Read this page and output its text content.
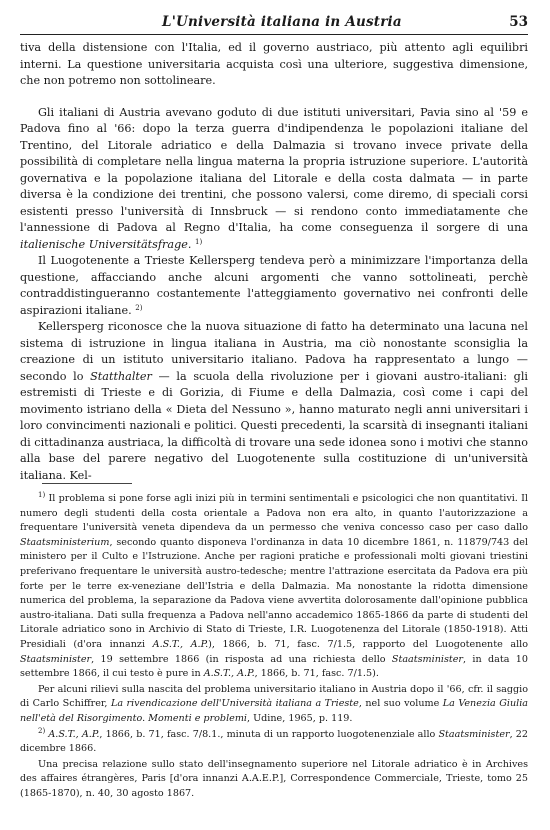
L'Università italiana in Austria	53

tiva della distensione con l'Italia, ed il governo austriaco, più attento agli equilibri interni. La questione universitaria acquista così una ulteriore, suggestiva dimensione, che non potremo non sottolineare.

Gli italiani di Austria avevano goduto di due istituti universitari, Pavia sino al '59 e Padova fino al '66: dopo la terza guerra d'indipendenza le popolazioni italiane del Trentino, del Litorale adriatico e della Dalmazia si trovano invece private della possibilità di completare nella lingua materna la propria istruzione superiore. L'autorità governativa e la popolazione italiana del Litorale e della costa dalmata — in parte diversa è la condizione dei trentini, che possono valersi, come diremo, di speciali corsi esistenti presso l'università di Innsbruck — si rendono conto immediatamente che l'annessione di Padova al Regno d'Italia, ha come conseguenza il sorgere di una italienische Universitätsfrage. $^{1)}$

Il Luogotenente a Trieste Kellersperg tendeva però a minimizzare l'importanza della questione, affacciando anche alcuni argomenti che vanno sottolineati, perchè contraddistingueranno costantemente l'atteggiamento governativo nei confronti delle aspirazioni italiane. $^{2)}$

Kellersperg riconosce che la nuova situazione di fatto ha determinato una lacuna nel sistema di istruzione in lingua italiana in Austria, ma ciò nonostante sconsiglia la creazione di un istituto universitario italiano. Padova ha rappresentato a lungo — secondo lo Statthalter — la scuola della rivoluzione per i giovani austro-italiani: gli estremisti di Trieste e di Gorizia, di Fiume e della Dalmazia, così come i capi del movimento istriano della « Dieta del Nessuno », hanno maturato negli anni universitari i loro convincimenti nazionali e politici. Questi precedenti, la scarsità di insegnanti italiani di cittadinanza austriaca, la difficoltà di trovare una sede idonea sono i motivi che stanno alla base del parere negativo del Luogotenente sulla costituzione di un'università italiana. Kel-

$^{1)}$ Il problema si pone forse agli inizi più in termini sentimentali e psicologici che non quantitativi. Il numero degli studenti della costa orientale a Padova non era alto, in quanto l'autorizzazione a frequentare l'università veneta dipendeva da un permesso che veniva concesso caso per caso dallo Staatsministerium, secondo quanto disponeva l'ordinanza in data 10 dicembre 1861, n. 11879/743 del ministero per il Culto e l'Istruzione. Anche per ragioni pratiche e professionali molti giovani triestini preferivano frequentare le università austro-tedesche; mentre l'attrazione esercitata da Padova era più forte per le terre ex-veneziane dell'Istria e della Dalmazia. Ma nonostante la ridotta dimensione numerica del problema, la separazione da Padova viene avvertita dolorosamente dall'opinione pubblica austro-italiana. Dati sulla frequenza a Padova nell'anno accademico 1865-1866 da parte di studenti del Litorale adriatico sono in Archivio di Stato di Trieste, I.R. Luogotenenza del Litorale (1850-1918). Atti Presidiali (d'ora innanzi A.S.T., A.P.), 1866, b. 71, fasc. 7/1.5, rapporto del Luogotenente allo Staatsminister, 19 settembre 1866 (in risposta ad una richiesta dello Staatsminister, in data 10 settembre 1866, il cui testo è pure in A.S.T., A.P., 1866, b. 71, fasc. 7/1.5).

Per alcuni rilievi sulla nascita del problema universitario italiano in Austria dopo il '66, cfr. il saggio di Carlo Schiffrer, La rivendicazione dell'Università italiana a Trieste, nel suo volume La Venezia Giulia nell'età del Risorgimento. Momenti e problemi, Udine, 1965, p. 119.

$^{2)}$ A.S.T., A.P., 1866, b. 71, fasc. 7/8.1., minuta di un rapporto luogotenenziale allo Staatsminister, 22 dicembre 1866.

Una precisa relazione sullo stato dell'insegnamento superiore nel Litorale adriatico è in Archives des affaires étrangères, Paris [d'ora innanzi A.A.E.P.], Correspondence Commerciale, Trieste, tomo 25 (1865-1870), n. 40, 30 agosto 1867.
